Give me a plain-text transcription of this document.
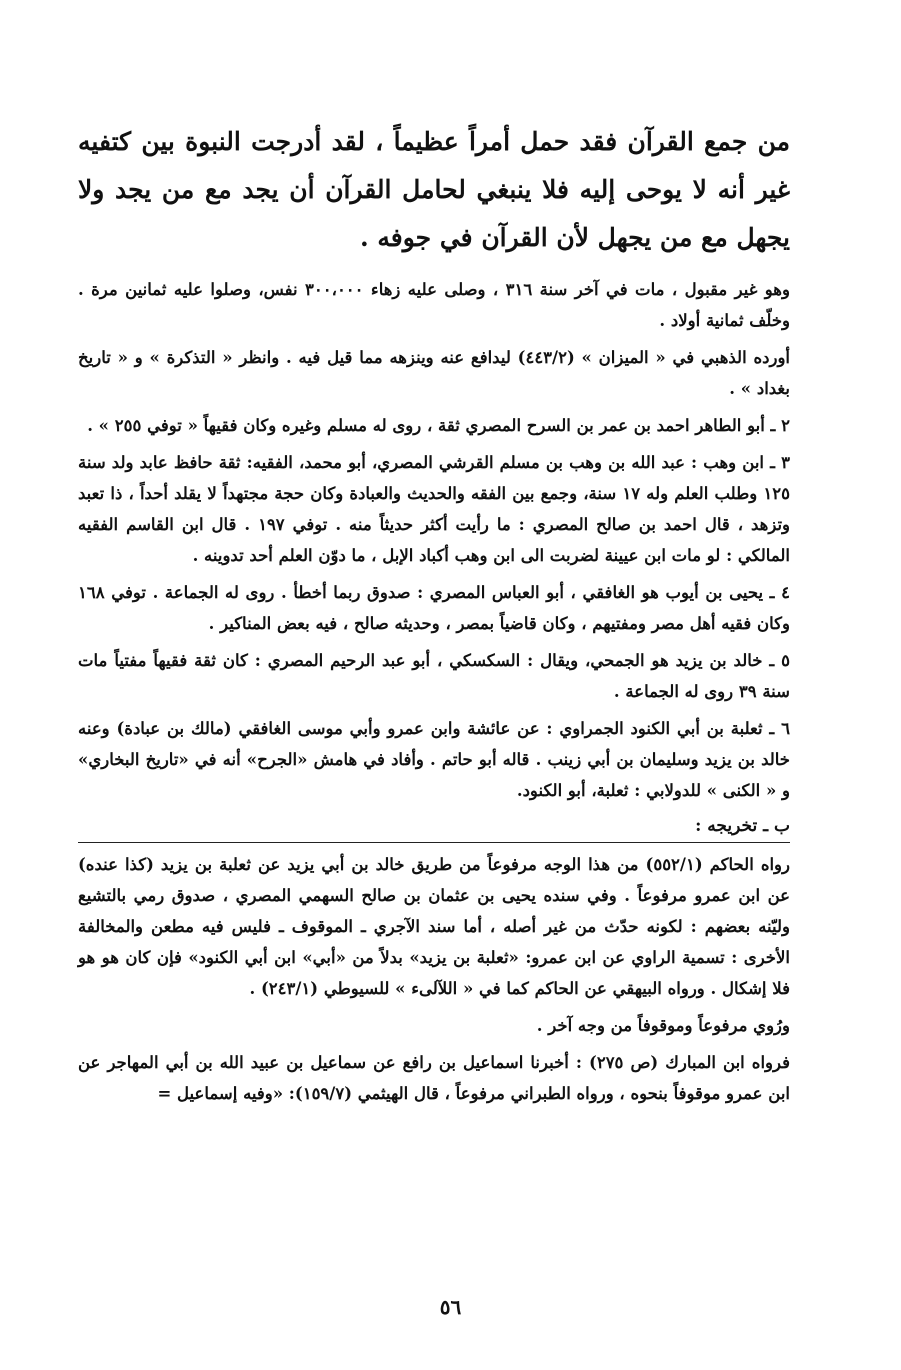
من جمع القرآن فقد حمل أمراً عظيماً ، لقد أدرجت النبوة بين كتفيه غير أنه لا يوحى إليه فلا ينبغي لحامل القرآن أن يجد مع من يجد ولا يجهل مع من يجهل لأن القرآن في جوفه .

وهو غير مقبول ، مات في آخر سنة ٣١٦ ، وصلى عليه زهاء ٣٠٠،٠٠٠ نفس، وصلوا عليه ثمانين مرة . وخلّف ثمانية أولاد .

أورده الذهبي في « الميزان » (٤٤٣/٢) ليدافع عنه وينزهه مما قيل فيه . وانظر « التذكرة » و « تاريخ بغداد » .

٢ ـ أبو الطاهر احمد بن عمر بن السرح المصري ثقة ، روى له مسلم وغيره وكان فقيهاً « توفي ٢٥٥ » .

٣ ـ ابن وهب : عبد الله بن وهب بن مسلم القرشي المصري، أبو محمد، الفقيه: ثقة حافظ عابد ولد سنة ١٢٥ وطلب العلم وله ١٧ سنة، وجمع بين الفقه والحديث والعبادة وكان حجة مجتهداً لا يقلد أحداً ، ذا تعبد وتزهد ، قال احمد بن صالح المصري : ما رأيت أكثر حديثاً منه . توفي ١٩٧ . قال ابن القاسم الفقيه المالكي : لو مات ابن عيينة لضربت الى ابن وهب أكباد الإبل ، ما دوّن العلم أحد تدوينه .

٤ ـ يحيى بن أيوب هو الغافقي ، أبو العباس المصري : صدوق ربما أخطأ . روى له الجماعة . توفي ١٦٨ وكان فقيه أهل مصر ومفتيهم ، وكان قاضياً بمصر ، وحديثه صالح ، فيه بعض المناكير .

٥ ـ خالد بن يزيد هو الجمحي، ويقال : السكسكي ، أبو عبد الرحيم المصري : كان ثقة فقيهاً مفتياً مات سنة ٣٩ روى له الجماعة .

٦ ـ ثعلبة بن أبي الكنود الجمراوي : عن عائشة وابن عمرو وأبي موسى الغافقي (مالك بن عبادة) وعنه خالد بن يزيد وسليمان بن أبي زينب . قاله أبو حاتم . وأفاد في هامش «الجرح» أنه في «تاريخ البخاري» و « الكنى » للدولابي : ثعلبة، أبو الكنود.

ب ـ تخريجه :

رواه الحاكم (٥٥٢/١) من هذا الوجه مرفوعاً من طريق خالد بن أبي يزيد عن ثعلبة بن يزيد (كذا عنده) عن ابن عمرو مرفوعاً . وفي سنده يحيى بن عثمان بن صالح السهمي المصري ، صدوق رمي بالتشيع وليّنه بعضهم : لكونه حدّث من غير أصله ، أما سند الآجري ـ الموقوف ـ فليس فيه مطعن والمخالفة الأخرى : تسمية الراوي عن ابن عمرو: «ثعلبة بن يزيد» بدلاً من «أبي» ابن أبي الكنود» فإن كان هو هو فلا إشكال . ورواه البيهقي عن الحاكم كما في « اللآلىء » للسيوطي (٢٤٣/١) .

ورُوي مرفوعاً وموقوفاً من وجه آخر .

فرواه ابن المبارك (ص ٢٧٥) : أخبرنا اسماعيل بن رافع عن سماعيل بن عبيد الله بن أبي المهاجر عن ابن عمرو موقوفاً بنحوه ، ورواه الطبراني مرفوعاً ، قال الهيثمي (١٥٩/٧): «وفيه إسماعيل =

٥٦
